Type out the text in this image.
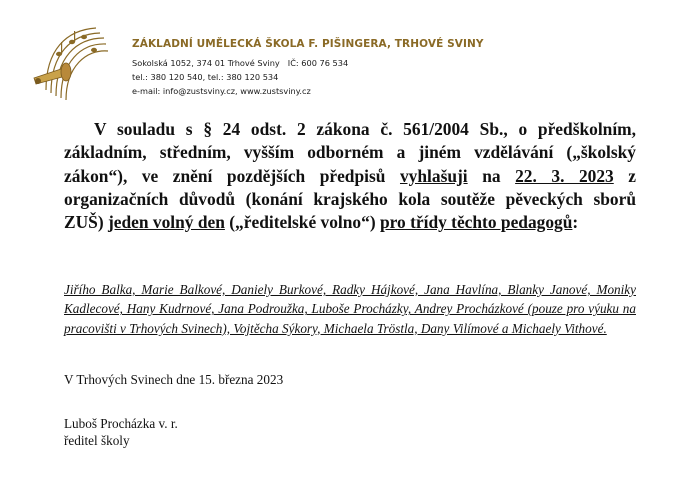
ZÁKLADNÍ UMĚLECKÁ ŠKOLA F. PIŠINGERA, TRHOVÉ SVINY
Sokolská 1052, 374 01 Trhové Sviny IČ: 600 76 534
tel.: 380 120 540, tel.: 380 120 534
e-mail: info@zustsviny.cz, www.zustsviny.cz
V souladu s § 24 odst. 2 zákona č. 561/2004 Sb., o předškolním, základním, středním, vyšším odborném a jiném vzdělávání („školský zákon“), ve znění pozdějších předpisů vyhlašuji na 22. 3. 2023 z organizačních důvodů (konání krajského kola soutěže pěveckých sborů ZUŠ) jeden volný den („ředitelské volno“) pro třídy těchto pedagogů:
Jiřího Balka, Marie Balkové, Daniely Burkové, Radky Hájkové, Jana Havlína, Blanky Janové, Moniky Kadlecové, Hany Kudrnové, Jana Podroužka, Luboše Procházky, Andrey Procházkové (pouze pro výuku na pracovišti v Trhových Svinech), Vojtěcha Sýkory, Michaela Tröstla, Dany Vilímové a Michaely Vithové.
V Trhových Svinech dne 15. března 2023
Luboš Procházka v. r.
ředitel školy
